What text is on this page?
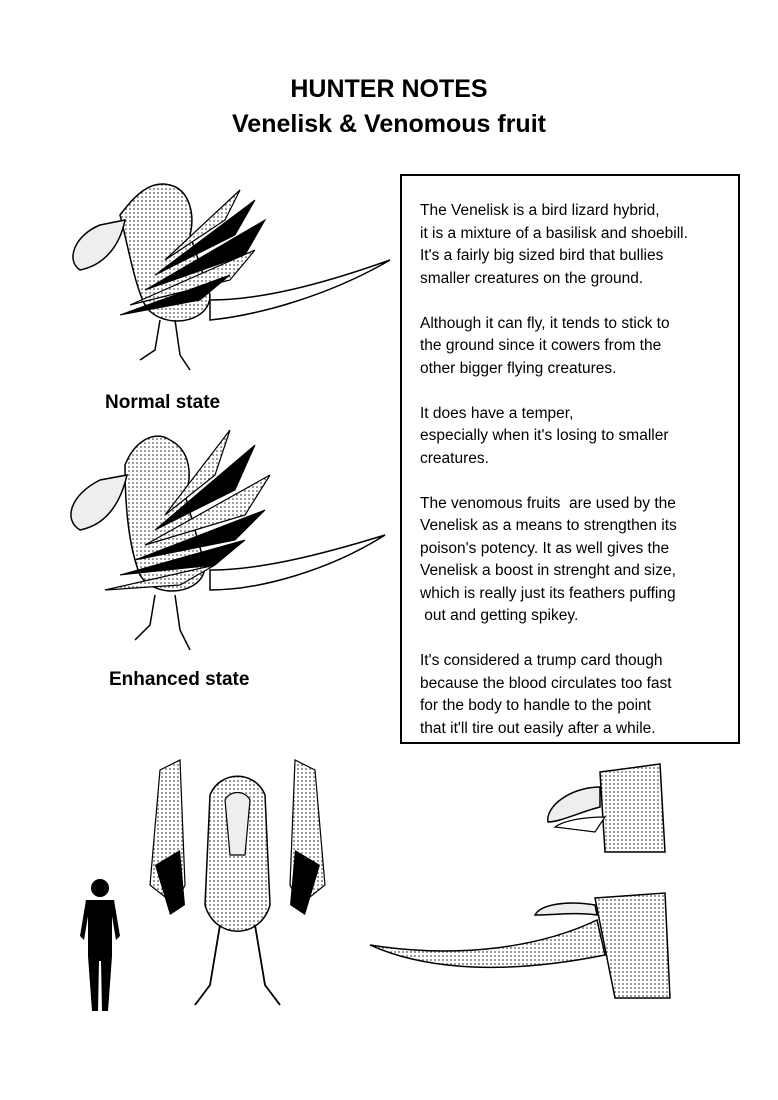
HUNTER NOTES
Venelisk & Venomous fruit
Normal state
Enhanced state

The Venelisk is a bird lizard hybrid,
it is a mixture of a basilisk and shoebill.
It's a fairly big sized bird that bullies
smaller creatures on the ground.

Although it can fly, it tends to stick to
the ground since it cowers from the
other bigger flying creatures.

It does have a temper,
especially when it's losing to smaller
creatures.

The venomous fruits  are used by the
Venelisk as a means to strengthen its
poison's potency. It as well gives the
Venelisk a boost in strenght and size,
which is really just its feathers puffing
out and getting spikey.

It's considered a trump card though
because the blood circulates too fast
for the body to handle to the point
that it'll tire out easily after a while.
